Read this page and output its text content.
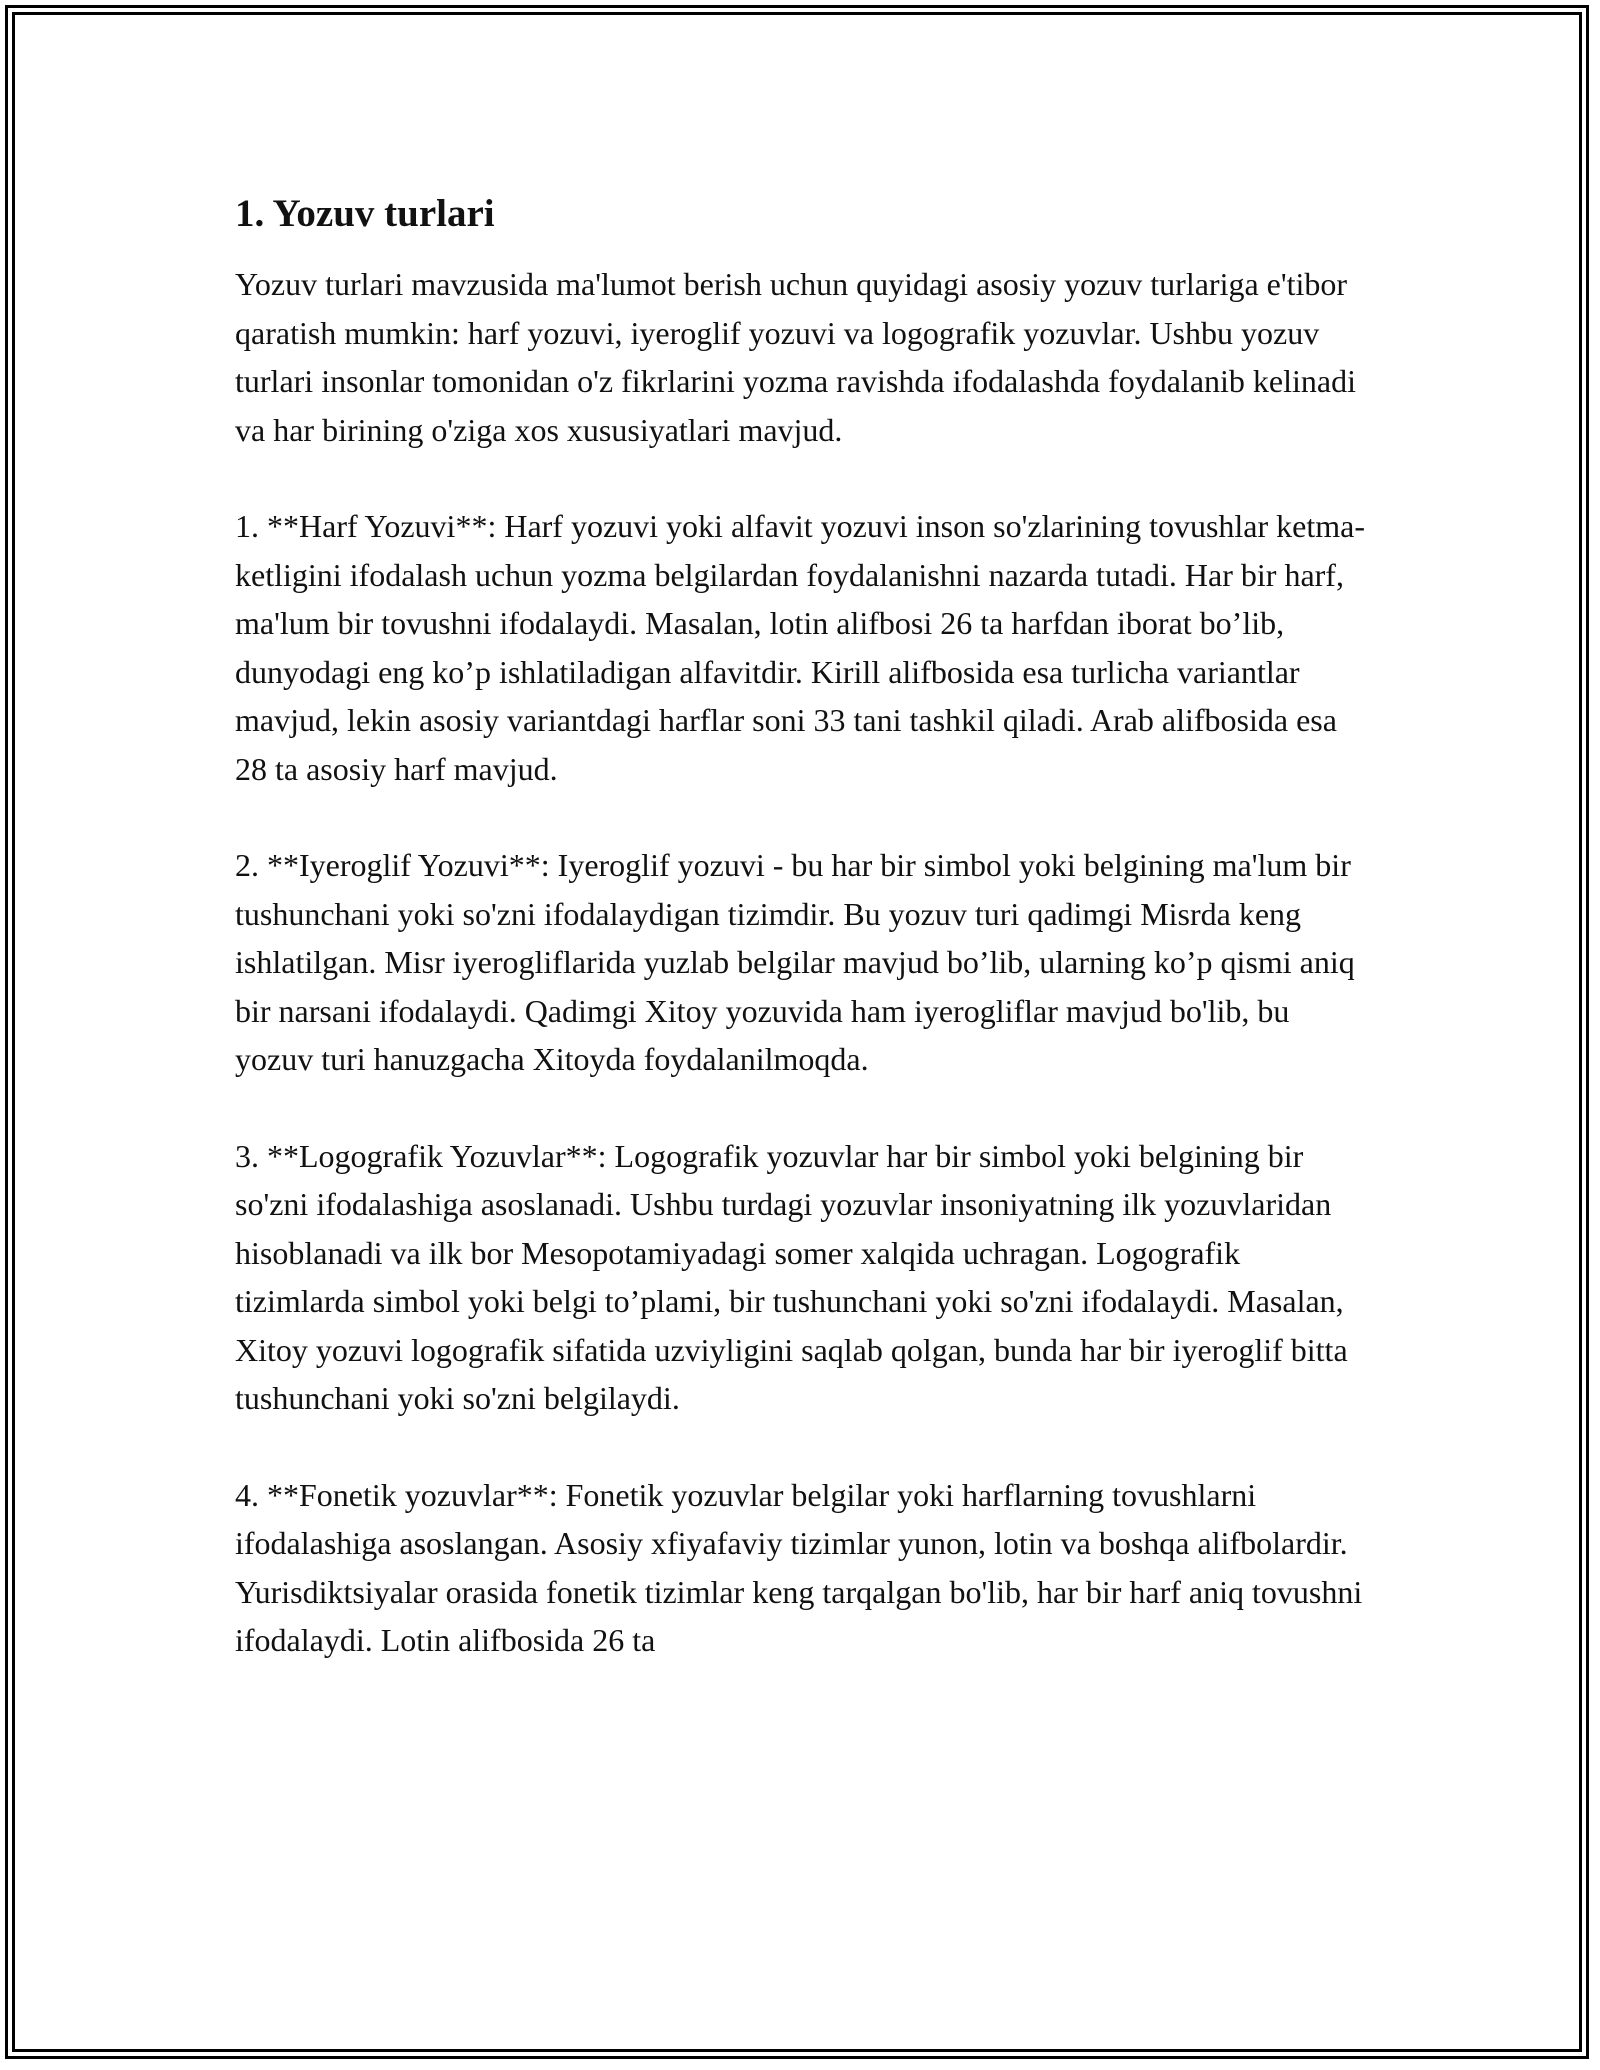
1. Yozuv turlari

Yozuv turlari mavzusida ma'lumot berish uchun quyidagi asosiy yozuv turlariga e'tibor qaratish mumkin: harf yozuvi, iyeroglif yozuvi va logografik yozuvlar. Ushbu yozuv turlari insonlar tomonidan o'z fikrlarini yozma ravishda ifodalashda foydalanib kelinadi va har birining o'ziga xos xususiyatlari mavjud.

1. **Harf Yozuvi**: Harf yozuvi yoki alfavit yozuvi inson so'zlarining tovushlar ketma-ketligini ifodalash uchun yozma belgilardan foydalanishni nazarda tutadi. Har bir harf, ma'lum bir tovushni ifodalaydi. Masalan, lotin alifbosi 26 ta harfdan iborat bo’lib, dunyodagi eng ko’p ishlatiladigan alfavitdir. Kirill alifbosida esa turlicha variantlar mavjud, lekin asosiy variantdagi harflar soni 33 tani tashkil qiladi. Arab alifbosida esa 28 ta asosiy harf mavjud.

2. **Iyeroglif Yozuvi**: Iyeroglif yozuvi - bu har bir simbol yoki belgining ma'lum bir tushunchani yoki so'zni ifodalaydigan tizimdir. Bu yozuv turi qadimgi Misrda keng ishlatilgan. Misr iyerogliflarida yuzlab belgilar mavjud bo’lib, ularning ko’p qismi aniq bir narsani ifodalaydi. Qadimgi Xitoy yozuvida ham iyerogliflar mavjud bo'lib, bu yozuv turi hanuzgacha Xitoyda foydalanilmoqda.

3. **Logografik Yozuvlar**: Logografik yozuvlar har bir simbol yoki belgining bir so'zni ifodalashiga asoslanadi. Ushbu turdagi yozuvlar insoniyatning ilk yozuvlaridan hisoblanadi va ilk bor Mesopotamiyadagi somer xalqida uchragan. Logografik tizimlarda simbol yoki belgi to’plami, bir tushunchani yoki so'zni ifodalaydi. Masalan, Xitoy yozuvi logografik sifatida uzviyligini saqlab qolgan, bunda har bir iyeroglif bitta tushunchani yoki so'zni belgilaydi.

4. **Fonetik yozuvlar**: Fonetik yozuvlar belgilar yoki harflarning tovushlarni ifodalashiga asoslangan. Asosiy xfiyafaviy tizimlar yunon, lotin va boshqa alifbolardir. Yurisdiktsiyalar orasida fonetik tizimlar keng tarqalgan bo'lib, har bir harf aniq tovushni ifodalaydi. Lotin alifbosida 26 ta
